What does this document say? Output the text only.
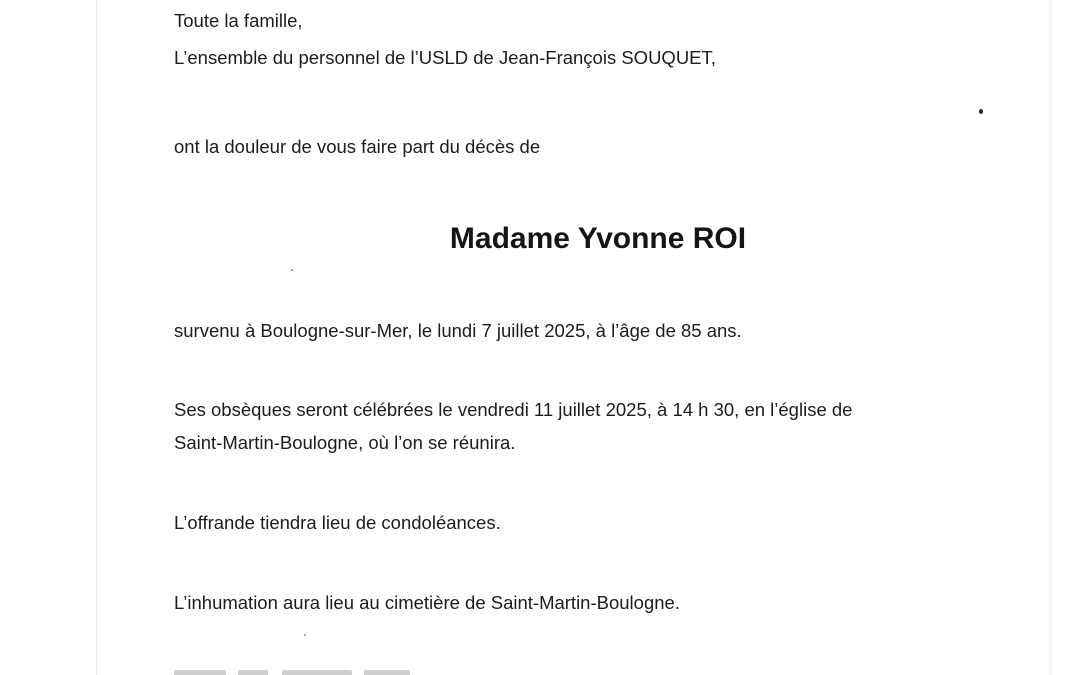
Toute la famille,
L’ensemble du personnel de l’USLD de Jean-François SOUQUET,
ont la douleur de vous faire part du décès de
Madame Yvonne ROI
survenu à Boulogne-sur-Mer, le lundi 7 juillet 2025, à l’âge de 85 ans.
Ses obsèques seront célébrées le vendredi 11 juillet 2025, à 14 h 30, en l’église de
Saint-Martin-Boulogne, où l’on se réunira.
L’offrande tiendra lieu de condoléances.
L’inhumation aura lieu au cimetière de Saint-Martin-Boulogne.
